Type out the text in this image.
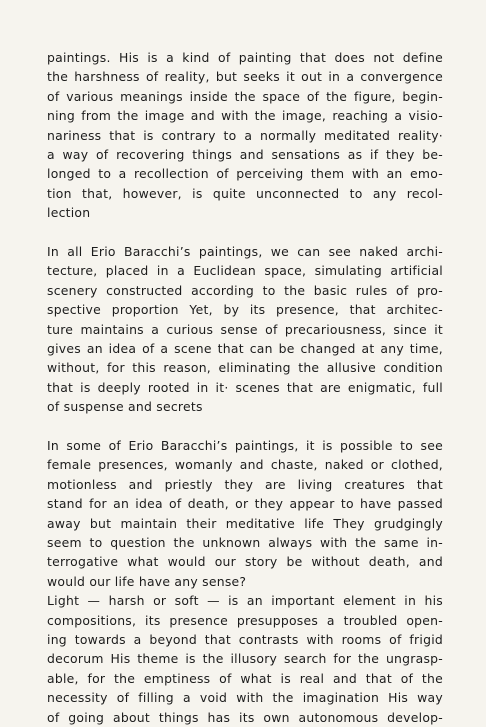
paintings. His is a kind of painting that does not define
the harshness of reality, but seeks it out in a convergence
of various meanings inside the space of the figure, begin-
ning from the image and with the image, reaching a visio-
nariness that is contrary to a normally meditated reality·
a way of recovering things and sensations as if they be-
longed to a recollection of perceiving them with an emo-
tion that, however, is quite unconnected to any recol-
lection
In all Erio Baracchi’s paintings, we can see naked archi-
tecture, placed in a Euclidean space, simulating artificial
scenery constructed according to the basic rules of pro-
spective proportion Yet, by its presence, that architec-
ture maintains a curious sense of precariousness, since it
gives an idea of a scene that can be changed at any time,
without, for this reason, eliminating the allusive condition
that is deeply rooted in it· scenes that are enigmatic, full
of suspense and secrets
In some of Erio Baracchi’s paintings, it is possible to see
female presences, womanly and chaste, naked or clothed,
motionless and priestly they are living creatures that
stand for an idea of death, or they appear to have passed
away but maintain their meditative life They grudgingly
seem to question the unknown always with the same in-
terrogative what would our story be without death, and
would our life have any sense?
Light — harsh or soft — is an important element in his
compositions, its presence presupposes a troubled open-
ing towards a beyond that contrasts with rooms of frigid
decorum His theme is the illusory search for the ungrasp-
able, for the emptiness of what is real and that of the
necessity of filling a void with the imagination His way
of going about things has its own autonomous develop-
